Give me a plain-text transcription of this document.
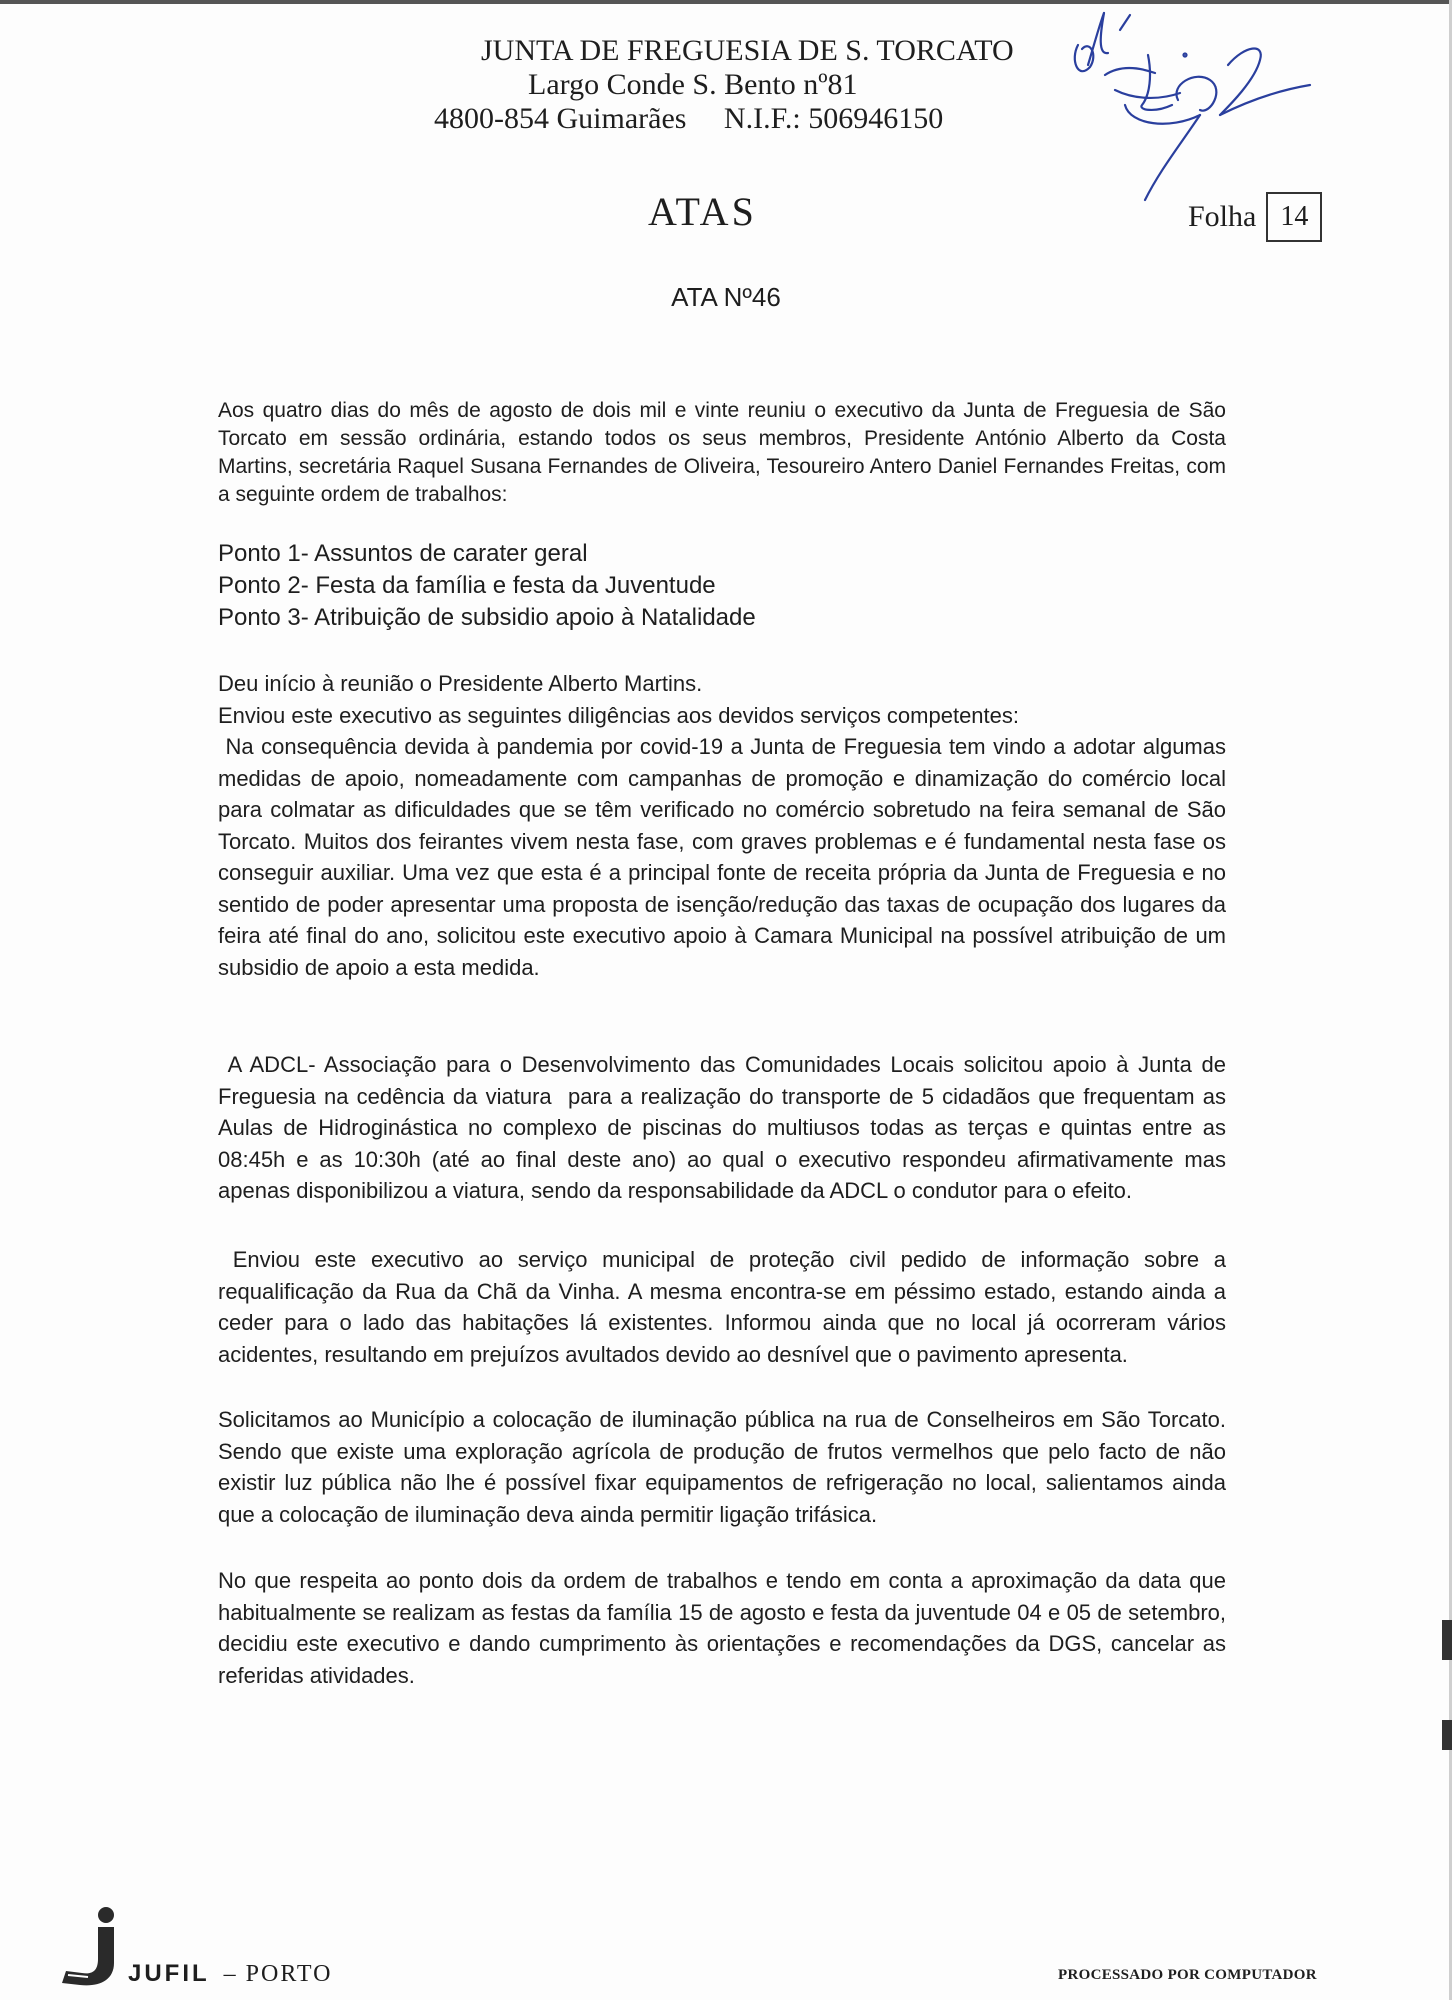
JUNTA DE FREGUESIA DE S. TORCATO
Largo Conde S. Bento nº81
4800-854 Guimarães     N.I.F.: 506946150
ATAS	Folha 14
ATA Nº46

Aos quatro dias do mês de agosto de dois mil e vinte reuniu o executivo da Junta de Freguesia de São Torcato em sessão ordinária, estando todos os seus membros, Presidente António Alberto da Costa Martins, secretária Raquel Susana Fernandes de Oliveira, Tesoureiro Antero Daniel Fernandes Freitas, com a seguinte ordem de trabalhos:

Ponto 1- Assuntos de carater geral
Ponto 2- Festa da família e festa da Juventude
Ponto 3- Atribuição de subsidio apoio à Natalidade

Deu início à reunião o Presidente Alberto Martins.

Enviou este executivo as seguintes diligências aos devidos serviços competentes:

Na consequência devida à pandemia por covid-19 a Junta de Freguesia tem vindo a adotar algumas medidas de apoio, nomeadamente com campanhas de promoção e dinamização do comércio local para colmatar as dificuldades que se têm verificado no comércio sobretudo na feira semanal de São Torcato. Muitos dos feirantes vivem nesta fase, com graves problemas e é fundamental nesta fase os conseguir auxiliar. Uma vez que esta é a principal fonte de receita própria da Junta de Freguesia e no sentido de poder apresentar uma proposta de isenção/redução das taxas de ocupação dos lugares da feira até final do ano, solicitou este executivo apoio à Camara Municipal na possível atribuição de um subsidio de apoio a esta medida.

A ADCL- Associação para o Desenvolvimento das Comunidades Locais solicitou apoio à Junta de Freguesia na cedência da viatura  para a realização do transporte de 5 cidadãos que frequentam as Aulas de Hidroginástica no complexo de piscinas do multiusos todas as terças e quintas entre as 08:45h e as 10:30h (até ao final deste ano) ao qual o executivo respondeu afirmativamente mas apenas disponibilizou a viatura, sendo da responsabilidade da ADCL o condutor para o efeito.

Enviou este executivo ao serviço municipal de proteção civil pedido de informação sobre a requalificação da Rua da Chã da Vinha. A mesma encontra-se em péssimo estado, estando ainda a ceder para o lado das habitações lá existentes. Informou ainda que no local já ocorreram vários acidentes, resultando em prejuízos avultados devido ao desnível que o pavimento apresenta.

Solicitamos ao Município a colocação de iluminação pública na rua de Conselheiros em São Torcato. Sendo que existe uma exploração agrícola de produção de frutos vermelhos que pelo facto de não existir luz pública não lhe é possível fixar equipamentos de refrigeração no local, salientamos ainda que a colocação de iluminação deva ainda permitir ligação trifásica.

No que respeita ao ponto dois da ordem de trabalhos e tendo em conta a aproximação da data que habitualmente se realizam as festas da família 15 de agosto e festa da juventude 04 e 05 de setembro, decidiu este executivo e dando cumprimento às orientações e recomendações da DGS, cancelar as referidas atividades.

JUFIL – PORTO	PROCESSADO POR COMPUTADOR
